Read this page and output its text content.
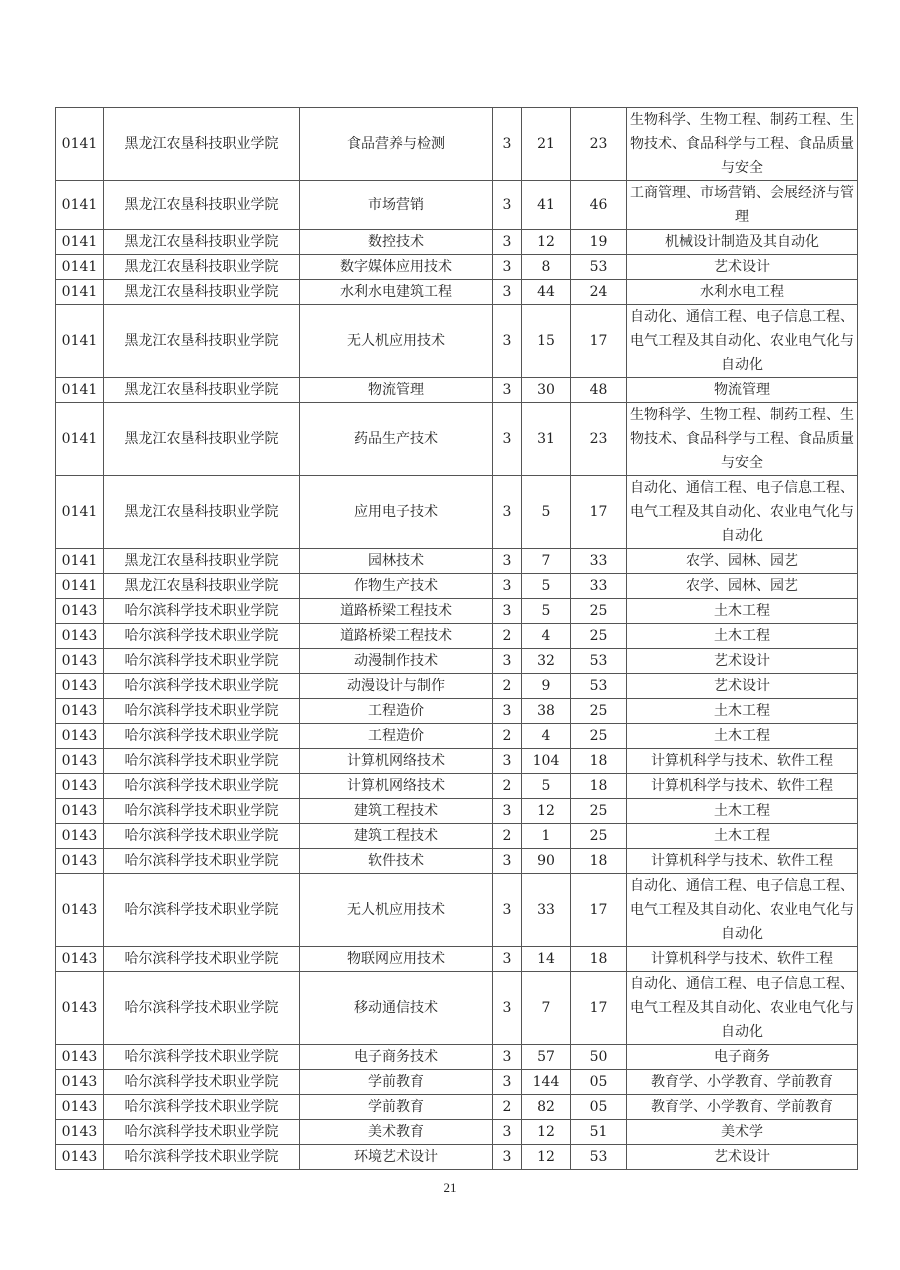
0141	黑龙江农垦科技职业学院	食品营养与检测	3	21	23	生物科学、生物工程、制药工程、生物技术、食品科学与工程、食品质量与安全
0141	黑龙江农垦科技职业学院	市场营销	3	41	46	工商管理、市场营销、会展经济与管理
0141	黑龙江农垦科技职业学院	数控技术	3	12	19	机械设计制造及其自动化
0141	黑龙江农垦科技职业学院	数字媒体应用技术	3	8	53	艺术设计
0141	黑龙江农垦科技职业学院	水利水电建筑工程	3	44	24	水利水电工程
0141	黑龙江农垦科技职业学院	无人机应用技术	3	15	17	自动化、通信工程、电子信息工程、电气工程及其自动化、农业电气化与自动化
0141	黑龙江农垦科技职业学院	物流管理	3	30	48	物流管理
0141	黑龙江农垦科技职业学院	药品生产技术	3	31	23	生物科学、生物工程、制药工程、生物技术、食品科学与工程、食品质量与安全
0141	黑龙江农垦科技职业学院	应用电子技术	3	5	17	自动化、通信工程、电子信息工程、电气工程及其自动化、农业电气化与自动化
0141	黑龙江农垦科技职业学院	园林技术	3	7	33	农学、园林、园艺
0141	黑龙江农垦科技职业学院	作物生产技术	3	5	33	农学、园林、园艺
0143	哈尔滨科学技术职业学院	道路桥梁工程技术	3	5	25	土木工程
0143	哈尔滨科学技术职业学院	道路桥梁工程技术	2	4	25	土木工程
0143	哈尔滨科学技术职业学院	动漫制作技术	3	32	53	艺术设计
0143	哈尔滨科学技术职业学院	动漫设计与制作	2	9	53	艺术设计
0143	哈尔滨科学技术职业学院	工程造价	3	38	25	土木工程
0143	哈尔滨科学技术职业学院	工程造价	2	4	25	土木工程
0143	哈尔滨科学技术职业学院	计算机网络技术	3	104	18	计算机科学与技术、软件工程
0143	哈尔滨科学技术职业学院	计算机网络技术	2	5	18	计算机科学与技术、软件工程
0143	哈尔滨科学技术职业学院	建筑工程技术	3	12	25	土木工程
0143	哈尔滨科学技术职业学院	建筑工程技术	2	1	25	土木工程
0143	哈尔滨科学技术职业学院	软件技术	3	90	18	计算机科学与技术、软件工程
0143	哈尔滨科学技术职业学院	无人机应用技术	3	33	17	自动化、通信工程、电子信息工程、电气工程及其自动化、农业电气化与自动化
0143	哈尔滨科学技术职业学院	物联网应用技术	3	14	18	计算机科学与技术、软件工程
0143	哈尔滨科学技术职业学院	移动通信技术	3	7	17	自动化、通信工程、电子信息工程、电气工程及其自动化、农业电气化与自动化
0143	哈尔滨科学技术职业学院	电子商务技术	3	57	50	电子商务
0143	哈尔滨科学技术职业学院	学前教育	3	144	05	教育学、小学教育、学前教育
0143	哈尔滨科学技术职业学院	学前教育	2	82	05	教育学、小学教育、学前教育
0143	哈尔滨科学技术职业学院	美术教育	3	12	51	美术学
0143	哈尔滨科学技术职业学院	环境艺术设计	3	12	53	艺术设计
21
